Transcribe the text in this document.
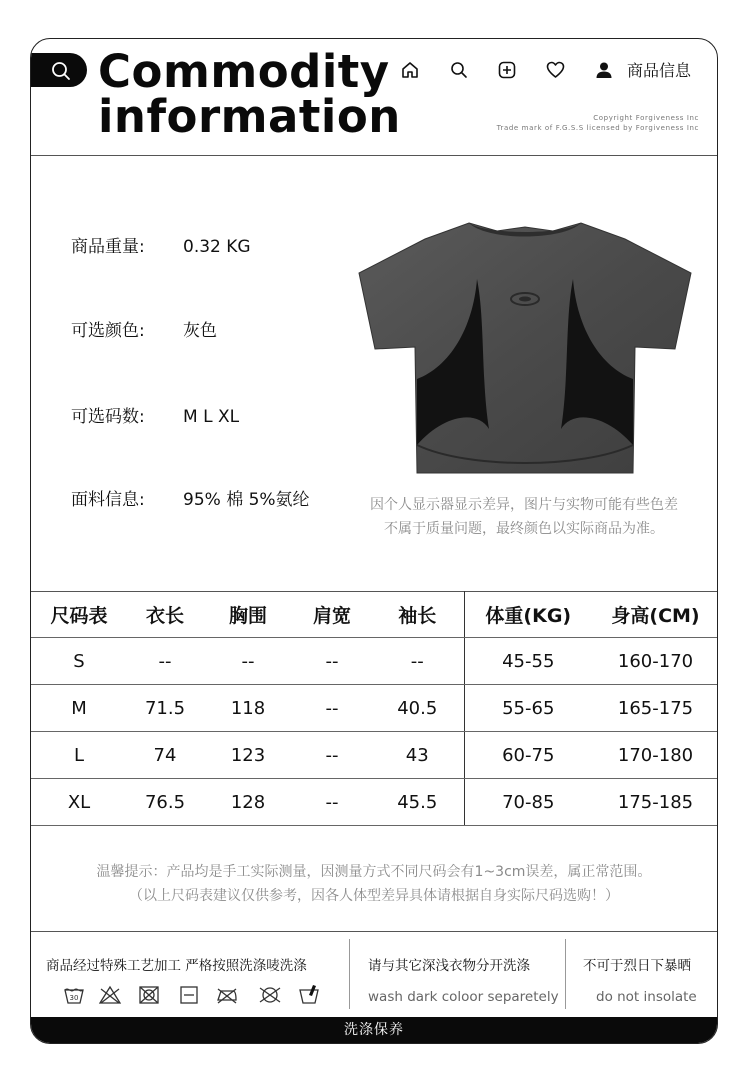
Commodity
information
商品信息
Copyright Forgiveness Inc
Trade mark of F.G.S.S licensed by Forgiveness Inc
商品重量: 0.32 KG
可选颜色: 灰色
可选码数: M L XL
面料信息: 95% 棉 5%氨纶	因个人显示器显示差异，图片与实物可能有些色差
不属于质量问题，最终颜色以实际商品为准。
尺码表	衣长	胸围	肩宽	袖长	体重(KG)	身高(CM)
S	--	--	--	--	45-55	160-170
M	71.5	118	--	40.5	55-65	165-175
L	74	123	--	43	60-75	170-180
XL	76.5	128	--	45.5	70-85	175-185
温馨提示：产品均是手工实际测量，因测量方式不同尺码会有1~3cm误差，属正常范围。
（以上尺码表建议仅供参考，因各人体型差异具体请根据自身实际尺码选购！）
商品经过特殊工艺加工 严格按照洗涤唛洗涤
30
请与其它深浅衣物分开洗涤
wash dark coloor separetely
不可于烈日下暴晒
do not insolate
洗涤保养
